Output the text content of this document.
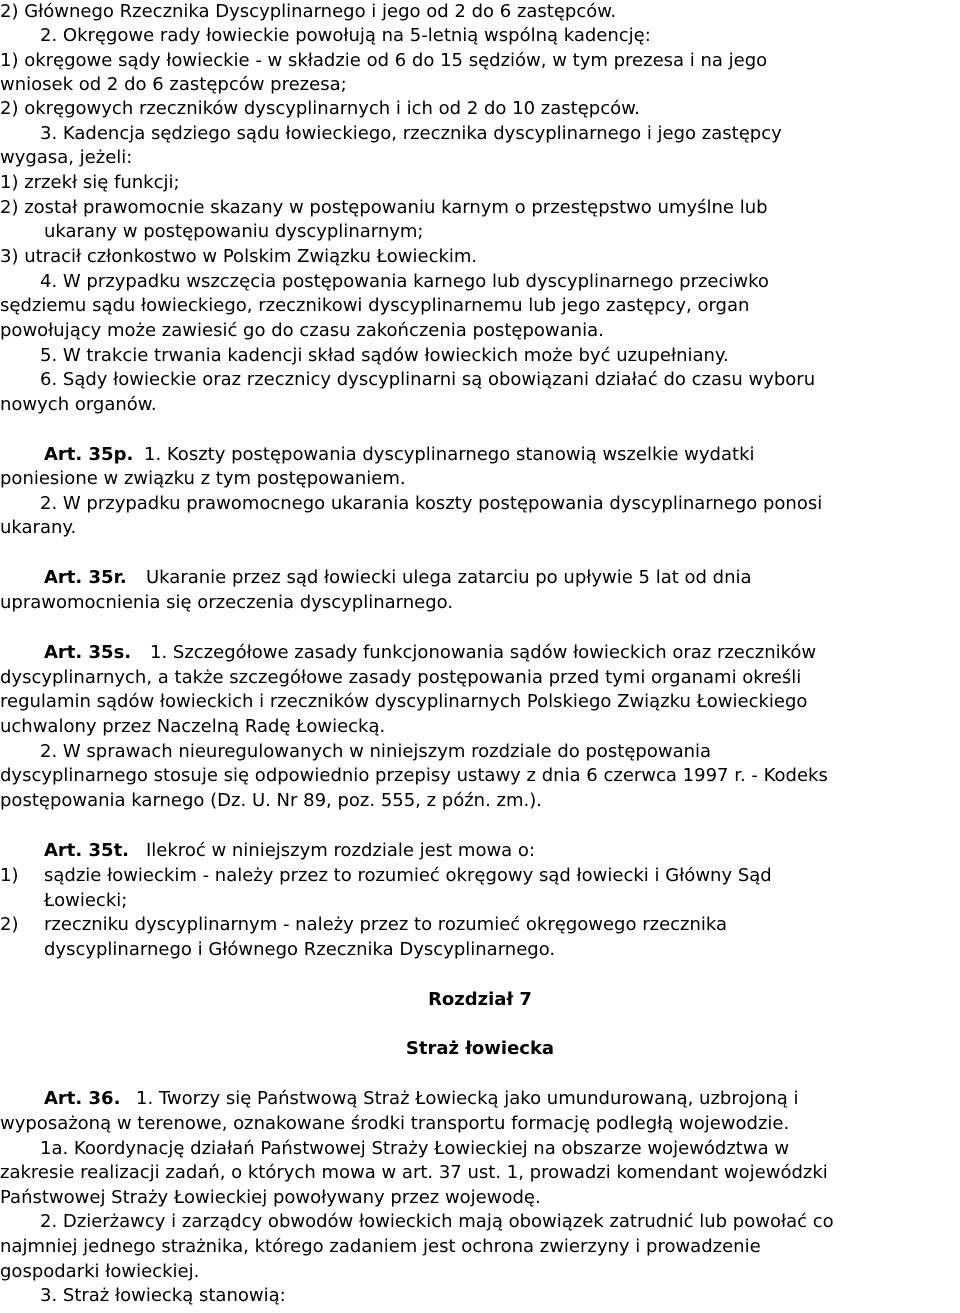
2) Głównego Rzecznika Dyscyplinarnego i jego od 2 do 6 zastępców.
2. Okręgowe rady łowieckie powołują na 5-letnią wspólną kadencję:
1) okręgowe sądy łowieckie - w składzie od 6 do 15 sędziów, w tym prezesa i na jego
wniosek od 2 do 6 zastępców prezesa;
2) okręgowych rzeczników dyscyplinarnych i ich od 2 do 10 zastępców.
3. Kadencja sędziego sądu łowieckiego, rzecznika dyscyplinarnego i jego zastępcy
wygasa, jeżeli:
1) zrzekł się funkcji;
2) został prawomocnie skazany w postępowaniu karnym o przestępstwo umyślne lub
ukarany w postępowaniu dyscyplinarnym;
3) utracił członkostwo w Polskim Związku Łowieckim.
4. W przypadku wszczęcia postępowania karnego lub dyscyplinarnego przeciwko
sędziemu sądu łowieckiego, rzecznikowi dyscyplinarnemu lub jego zastępcy, organ
powołujący może zawiesić go do czasu zakończenia postępowania.
5. W trakcie trwania kadencji skład sądów łowieckich może być uzupełniany.
6. Sądy łowieckie oraz rzecznicy dyscyplinarni są obowiązani działać do czasu wyboru
nowych organów.
Art. 35p. 1. Koszty postępowania dyscyplinarnego stanowią wszelkie wydatki
poniesione w związku z tym postępowaniem.
2. W przypadku prawomocnego ukarania koszty postępowania dyscyplinarnego ponosi
ukarany.
Art. 35r. Ukaranie przez sąd łowiecki ulega zatarciu po upływie 5 lat od dnia
uprawomocnienia się orzeczenia dyscyplinarnego.
Art. 35s. 1. Szczegółowe zasady funkcjonowania sądów łowieckich oraz rzeczników
dyscyplinarnych, a także szczegółowe zasady postępowania przed tymi organami określi
regulamin sądów łowieckich i rzeczników dyscyplinarnych Polskiego Związku Łowieckiego
uchwalony przez Naczelną Radę Łowiecką.
2. W sprawach nieuregulowanych w niniejszym rozdziale do postępowania
dyscyplinarnego stosuje się odpowiednio przepisy ustawy z dnia 6 czerwca 1997 r. - Kodeks
postępowania karnego (Dz. U. Nr 89, poz. 555, z późn. zm.).
Art. 35t. Ilekroć w niniejszym rozdziale jest mowa o:
1) sądzie łowieckim - należy przez to rozumieć okręgowy sąd łowiecki i Główny Sąd
Łowiecki;
2) rzeczniku dyscyplinarnym - należy przez to rozumieć okręgowego rzecznika
dyscyplinarnego i Głównego Rzecznika Dyscyplinarnego.
Rozdział 7
Straż łowiecka
Art. 36. 1. Tworzy się Państwową Straż Łowiecką jako umundurowaną, uzbrojoną i
wyposażoną w terenowe, oznakowane środki transportu formację podległą wojewodzie.
1a. Koordynację działań Państwowej Straży Łowieckiej na obszarze województwa w
zakresie realizacji zadań, o których mowa w art. 37 ust. 1, prowadzi komendant wojewódzki
Państwowej Straży Łowieckiej powoływany przez wojewodę.
2. Dzierżawcy i zarządcy obwodów łowieckich mają obowiązek zatrudnić lub powołać co
najmniej jednego strażnika, którego zadaniem jest ochrona zwierzyny i prowadzenie
gospodarki łowieckiej.
3. Straż łowiecką stanowią:
